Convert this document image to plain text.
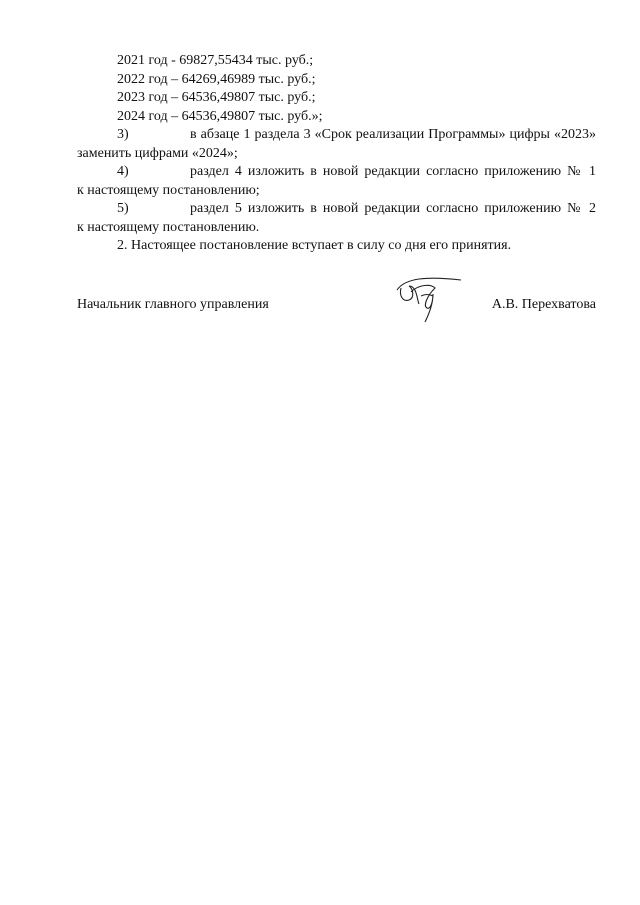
2021 год - 69827,55434 тыс. руб.;
2022 год – 64269,46989 тыс. руб.;
2023 год – 64536,49807 тыс. руб.;
2024 год – 64536,49807 тыс. руб.»;
3)	в абзаце 1 раздела 3 «Срок реализации Программы» цифры «2023»
заменить цифрами «2024»;
4)	раздел 4 изложить в новой редакции согласно приложению № 1
к настоящему постановлению;
5)	раздел 5 изложить в новой редакции согласно приложению № 2
к настоящему постановлению.
2. Настоящее постановление вступает в силу со дня его принятия.
Начальник главного управления	А.В. Перехватова
